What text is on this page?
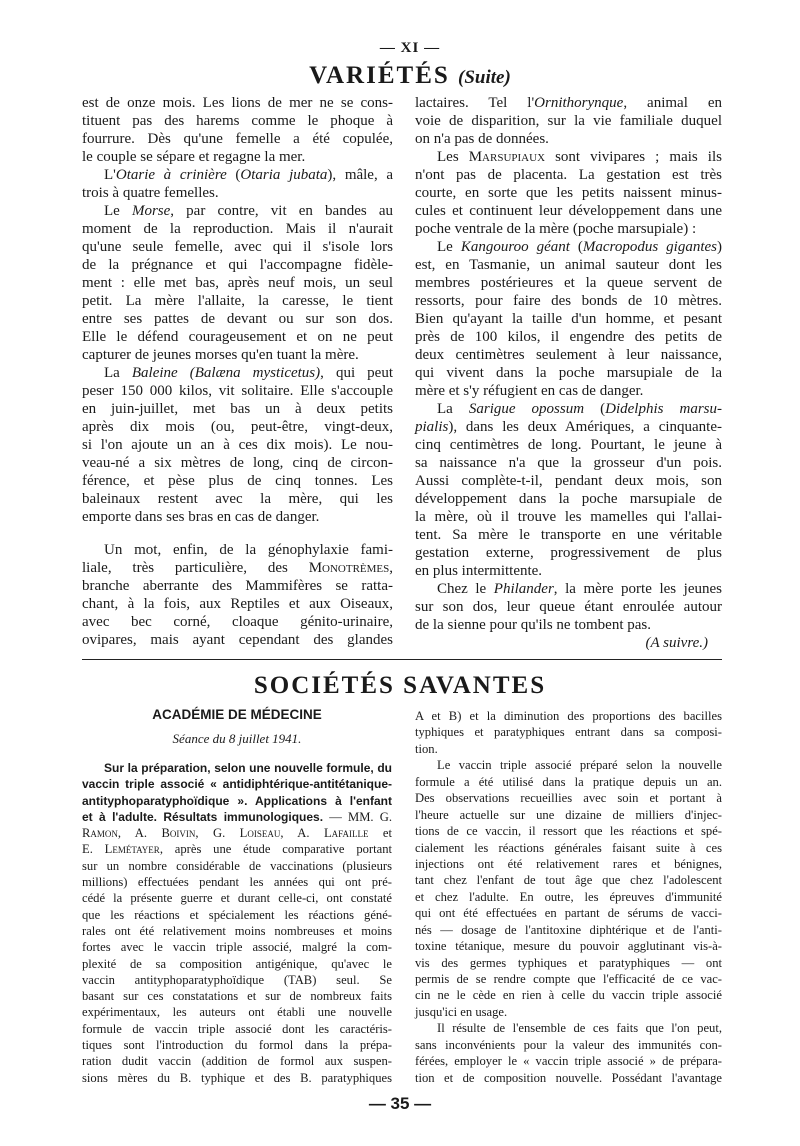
— XI —
VARIÉTÉS (Suite)
est de onze mois. Les lions de mer ne se cons-
tituent pas des harems comme le phoque à
fourrure. Dès qu'une femelle a été copulée,
le couple se sépare et regagne la mer.
L'Otarie à crinière (Otaria jubata), mâle, a
trois à quatre femelles.
Le Morse, par contre, vit en bandes au
moment de la reproduction. Mais il n'aurait
qu'une seule femelle, avec qui il s'isole lors
de la prégnance et qui l'accompagne fidèle-
ment : elle met bas, après neuf mois, un seul
petit. La mère l'allaite, la caresse, le tient
entre ses pattes de devant ou sur son dos.
Elle le défend courageusement et on ne peut
capturer de jeunes morses qu'en tuant la mère.
La Baleine (Balæna mysticetus), qui peut
peser 150 000 kilos, vit solitaire. Elle s'accouple
en juin-juillet, met bas un à deux petits
après dix mois (ou, peut-être, vingt-deux,
si l'on ajoute un an à ces dix mois). Le nou-
veau-né a six mètres de long, cinq de circon-
férence, et pèse plus de cinq tonnes. Les
baleinaux restent avec la mère, qui les
emporte dans ses bras en cas de danger.
Un mot, enfin, de la génophylaxie fami-
liale, très particulière, des Monotrèmes,
branche aberrante des Mammifères se ratta-
chant, à la fois, aux Reptiles et aux Oiseaux,
avec bec corné, cloaque génito-urinaire,
ovipares, mais ayant cependant des glandes
lactaires. Tel l'Ornithorynque, animal en
voie de disparition, sur la vie familiale duquel
on n'a pas de données.
Les Marsupiaux sont vivipares ; mais ils
n'ont pas de placenta. La gestation est très
courte, en sorte que les petits naissent minus-
cules et continuent leur développement dans une
poche ventrale de la mère (poche marsupiale) :
Le Kangouroo géant (Macropodus gigantes)
est, en Tasmanie, un animal sauteur dont les
membres postérieures et la queue servent de
ressorts, pour faire des bonds de 10 mètres.
Bien qu'ayant la taille d'un homme, et pesant
près de 100 kilos, il engendre des petits de
deux centimètres seulement à leur naissance,
qui vivent dans la poche marsupiale de la
mère et s'y réfugient en cas de danger.
La Sarigue opossum (Didelphis marsu-
pialis), dans les deux Amériques, a cinquante-
cinq centimètres de long. Pourtant, le jeune à
sa naissance n'a que la grosseur d'un pois.
Aussi complète-t-il, pendant deux mois, son
développement dans la poche marsupiale de
la mère, où il trouve les mamelles qui l'allai-
tent. Sa mère le transporte en une véritable
gestation externe, progressivement de plus
en plus intermittente.
Chez le Philander, la mère porte les jeunes
sur son dos, leur queue étant enroulée autour
de la sienne pour qu'ils ne tombent pas.
(A suivre.)
SOCIÉTÉS SAVANTES
ACADÉMIE DE MÉDECINE
Séance du 8 juillet 1941.
Sur la préparation, selon une nouvelle formule, du
vaccin triple associé « antidiphtérique-antitétanique-
antityphoparatyphoïdique ». Applications à l'enfant
et à l'adulte. Résultats immunologiques. — MM. G.
Ramon, A. Boivin, G. Loiseau, A. Lafaille et
E. Lemétayer, après une étude comparative portant
sur un nombre considérable de vaccinations (plusieurs
millions) effectuées pendant les années qui ont pré-
cédé la présente guerre et durant celle-ci, ont constaté
que les réactions et spécialement les réactions géné-
rales ont été relativement moins nombreuses et moins
fortes avec le vaccin triple associé, malgré la com-
plexité de sa composition antigénique, qu'avec le
vaccin antityphoparatyphoïdique (TAB) seul. Se
basant sur ces constatations et sur de nombreux faits
expérimentaux, les auteurs ont établi une nouvelle
formule de vaccin triple associé dont les caractéris-
tiques sont l'introduction du formol dans la prépa-
ration dudit vaccin (addition de formol aux suspen-
sions mères du B. typhique et des B. paratyphiques
A et B) et la diminution des proportions des bacilles
typhiques et paratyphiques entrant dans sa composi-
tion.
Le vaccin triple associé préparé selon la nouvelle
formule a été utilisé dans la pratique depuis un an.
Des observations recueillies avec soin et portant à
l'heure actuelle sur une dizaine de milliers d'injec-
tions de ce vaccin, il ressort que les réactions et spé-
cialement les réactions générales faisant suite à ces
injections ont été relativement rares et bénignes,
tant chez l'enfant de tout âge que chez l'adolescent
et chez l'adulte. En outre, les épreuves d'immunité
qui ont été effectuées en partant de sérums de vacci-
nés — dosage de l'antitoxine diphtérique et de l'anti-
toxine tétanique, mesure du pouvoir agglutinant vis-à-
vis des germes typhiques et paratyphiques — ont
permis de se rendre compte que l'efficacité de ce vac-
cin ne le cède en rien à celle du vaccin triple associé
jusqu'ici en usage.
Il résulte de l'ensemble de ces faits que l'on peut,
sans inconvénients pour la valeur des immunités con-
férées, employer le « vaccin triple associé » de prépara-
tion et de composition nouvelle. Possédant l'avantage
— 35 —
